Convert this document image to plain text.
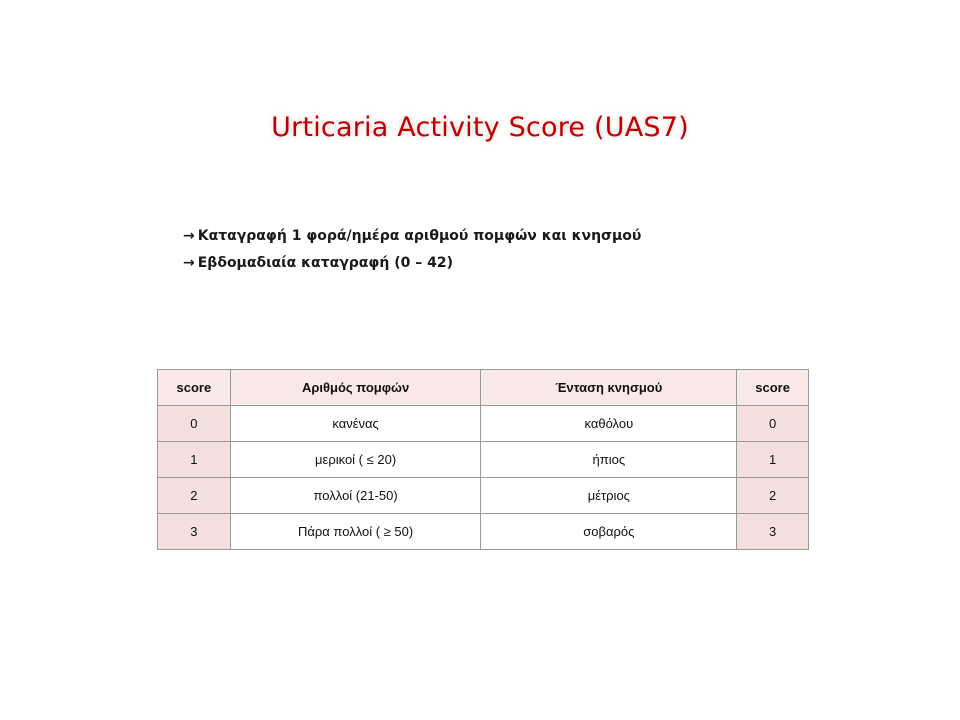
Urticaria Activity Score (UAS7)
→ Καταγραφή 1 φορά/ημέρα αριθμού πομφών και κνησμού
→ Εβδομαδιαία καταγραφή (0 – 42)
score	Αριθμός πομφών	Ένταση κνησμού	score
0	κανένας	καθόλου	0
1	μερικοί ( ≤ 20)	ήπιος	1
2	πολλοί (21-50)	μέτριος	2
3	Πάρα πολλοί ( ≥ 50)	σοβαρός	3
